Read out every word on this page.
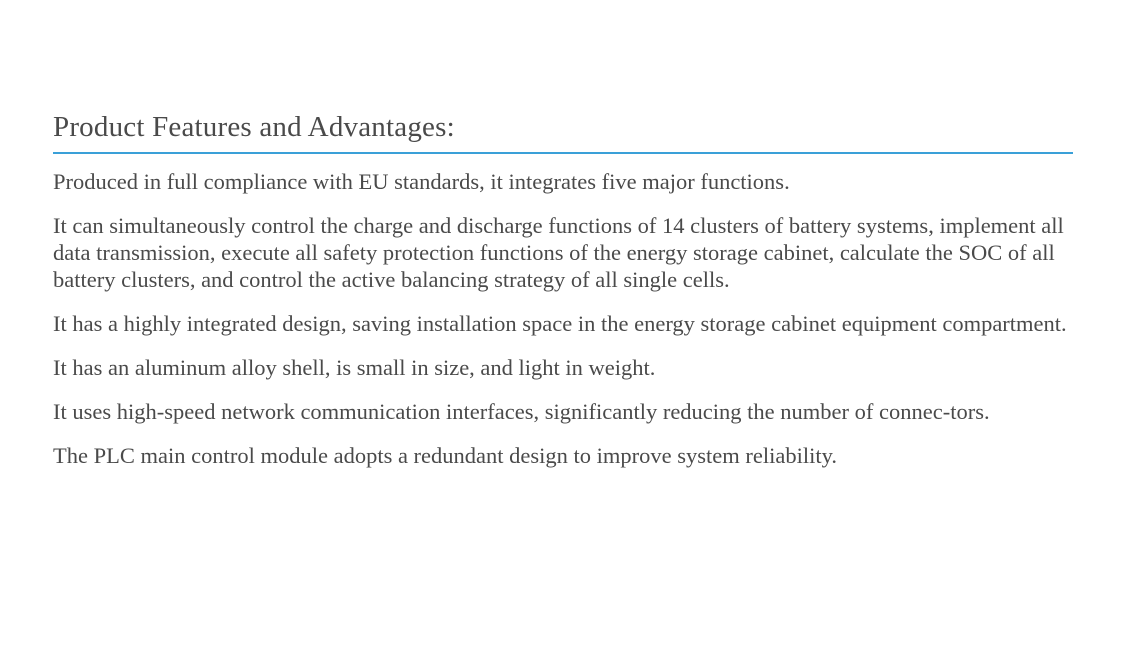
Product Features and Advantages:

Produced in full compliance with EU standards, it integrates five major functions.

It can simultaneously control the charge and discharge functions of 14 clusters of battery systems, implement all data transmission, execute all safety protection functions of the energy storage cabinet, calculate the SOC of all battery clusters, and control the active balancing strategy of all single cells.

It has a highly integrated design, saving installation space in the energy storage cabinet equipment compartment.

It has an aluminum alloy shell, is small in size, and light in weight.

It uses high-speed network communication interfaces, significantly reducing the number of connec-tors.

The PLC main control module adopts a redundant design to improve system reliability.
